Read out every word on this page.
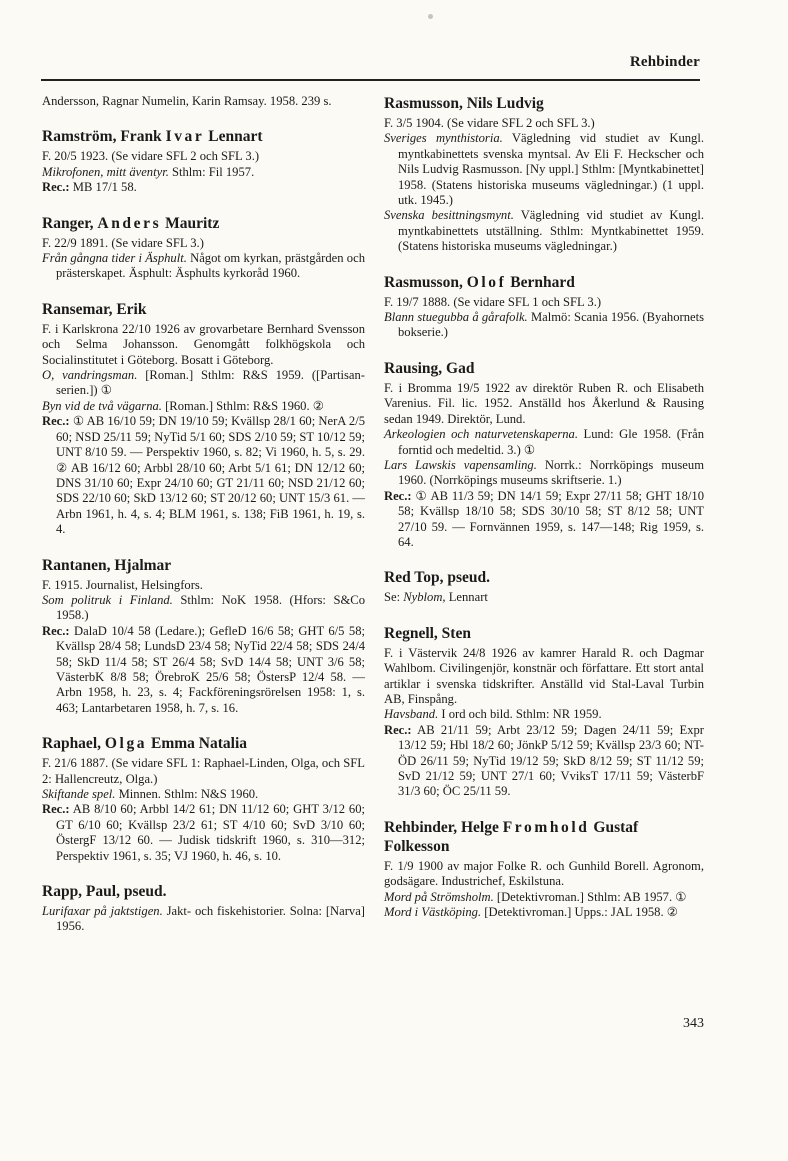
Rehbinder
Andersson, Ragnar Numelin, Karin Ramsay. 1958. 239 s.
Ramström, Frank Ivar Lennart
F. 20/5 1923. (Se vidare SFL 2 och SFL 3.)
Mikrofonen, mitt äventyr. Sthlm: Fil 1957.
Rec.: MB 17/1 58.
Ranger, Anders Mauritz
F. 22/9 1891. (Se vidare SFL 3.)
Från gångna tider i Äsphult. Något om kyrkan, prästgården och prästerskapet. Äsphult: Äsphults kyrkoråd 1960.
Ransemar, Erik
F. i Karlskrona 22/10 1926 av grovarbetare Bernhard Svensson och Selma Johansson. Genomgått folkhögskola och Socialinstitutet i Göteborg. Bosatt i Göteborg.
O, vandringsman. [Roman.] Sthlm: R&S 1959. ([Partisan-serien.]) ①
Byn vid de två vägarna. [Roman.] Sthlm: R&S 1960. ②
Rec.: ① AB 16/10 59; DN 19/10 59; Kvällsp 28/1 60; NerA 2/5 60; NSD 25/11 59; NyTid 5/1 60; SDS 2/10 59; ST 10/12 59; UNT 8/10 59. — Perspektiv 1960, s. 82; Vi 1960, h. 5, s. 29. ② AB 16/12 60; Arbbl 28/10 60; Arbt 5/1 61; DN 12/12 60; DNS 31/10 60; Expr 24/10 60; GT 21/11 60; NSD 21/12 60; SDS 22/10 60; SkD 13/12 60; ST 20/12 60; UNT 15/3 61. — Arbn 1961, h. 4, s. 4; BLM 1961, s. 138; FiB 1961, h. 19, s. 4.
Rantanen, Hjalmar
F. 1915. Journalist, Helsingfors.
Som politruk i Finland. Sthlm: NoK 1958. (Hfors: S&Co 1958.)
Rec.: DalaD 10/4 58 (Ledare.); GefleD 16/6 58; GHT 6/5 58; Kvällsp 28/4 58; LundsD 23/4 58; NyTid 22/4 58; SDS 24/4 58; SkD 11/4 58; ST 26/4 58; SvD 14/4 58; UNT 3/6 58; VästerbK 8/8 58; ÖrebroK 25/6 58; ÖstersP 12/4 58. — Arbn 1958, h. 23, s. 4; Fackföreningsrörelsen 1958: 1, s. 463; Lantarbetaren 1958, h. 7, s. 16.
Raphael, Olga Emma Natalia
F. 21/6 1887. (Se vidare SFL 1: Raphael-Linden, Olga, och SFL 2: Hallencreutz, Olga.)
Skiftande spel. Minnen. Sthlm: N&S 1960.
Rec.: AB 8/10 60; Arbbl 14/2 61; DN 11/12 60; GHT 3/12 60; GT 6/10 60; Kvällsp 23/2 61; ST 4/10 60; SvD 3/10 60; ÖstergF 13/12 60. — Judisk tidskrift 1960, s. 310—312; Perspektiv 1961, s. 35; VJ 1960, h. 46, s. 10.
Rapp, Paul, pseud.
Lurifaxar på jaktstigen. Jakt- och fiskehistorier. Solna: [Narva] 1956.
Rasmusson, Nils Ludvig
F. 3/5 1904. (Se vidare SFL 2 och SFL 3.)
Sveriges mynthistoria. Vägledning vid studiet av Kungl. myntkabinettets svenska myntsal. Av Eli F. Heckscher och Nils Ludvig Rasmusson. [Ny uppl.] Sthlm: [Myntkabinettet] 1958. (Statens historiska museums vägledningar.) (1 uppl. utk. 1945.)
Svenska besittningsmynt. Vägledning vid studiet av Kungl. myntkabinettets utställning. Sthlm: Myntkabinettet 1959. (Statens historiska museums vägledningar.)
Rasmusson, Olof Bernhard
F. 19/7 1888. (Se vidare SFL 1 och SFL 3.)
Blann stuegubba å gårafolk. Malmö: Scania 1956. (Byahornets bokserie.)
Rausing, Gad
F. i Bromma 19/5 1922 av direktör Ruben R. och Elisabeth Varenius. Fil. lic. 1952. Anställd hos Åkerlund & Rausing sedan 1949. Direktör, Lund.
Arkeologien och naturvetenskaperna. Lund: Gle 1958. (Från forntid och medeltid. 3.) ①
Lars Lawskis vapensamling. Norrk.: Norrköpings museum 1960. (Norrköpings museums skriftserie. 1.)
Rec.: ① AB 11/3 59; DN 14/1 59; Expr 27/11 58; GHT 18/10 58; Kvällsp 18/10 58; SDS 30/10 58; ST 8/12 58; UNT 27/10 59. — Fornvännen 1959, s. 147—148; Rig 1959, s. 64.
Red Top, pseud.
Se: Nyblom, Lennart
Regnell, Sten
F. i Västervik 24/8 1926 av kamrer Harald R. och Dagmar Wahlbom. Civilingenjör, konstnär och författare. Ett stort antal artiklar i svenska tidskrifter. Anställd vid Stal-Laval Turbin AB, Finspång.
Havsband. I ord och bild. Sthlm: NR 1959.
Rec.: AB 21/11 59; Arbt 23/12 59; Dagen 24/11 59; Expr 13/12 59; Hbl 18/2 60; JönkP 5/12 59; Kvällsp 23/3 60; NT-ÖD 26/11 59; NyTid 19/12 59; SkD 8/12 59; ST 11/12 59; SvD 21/12 59; UNT 27/1 60; VviksT 17/11 59; VästerbF 31/3 60; ÖC 25/11 59.
Rehbinder, Helge Fromhold Gustaf Folkesson
F. 1/9 1900 av major Folke R. och Gunhild Borell. Agronom, godsägare. Industrichef, Eskilstuna.
Mord på Strömsholm. [Detektivroman.] Sthlm: AB 1957. ①
Mord i Västköping. [Detektivroman.] Upps.: JAL 1958. ②
343
